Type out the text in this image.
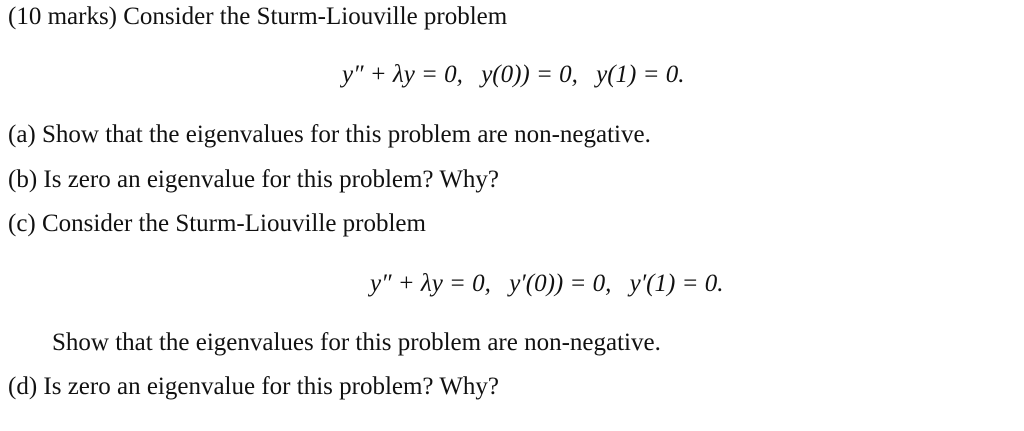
(10 marks) Consider the Sturm-Liouville problem
y″ + λy = 0, y(0)) = 0, y(1) = 0.
(a) Show that the eigenvalues for this problem are non-negative.
(b) Is zero an eigenvalue for this problem? Why?
(c) Consider the Sturm-Liouville problem
y″ + λy = 0, y′(0)) = 0, y′(1) = 0.
Show that the eigenvalues for this problem are non-negative.
(d) Is zero an eigenvalue for this problem? Why?
